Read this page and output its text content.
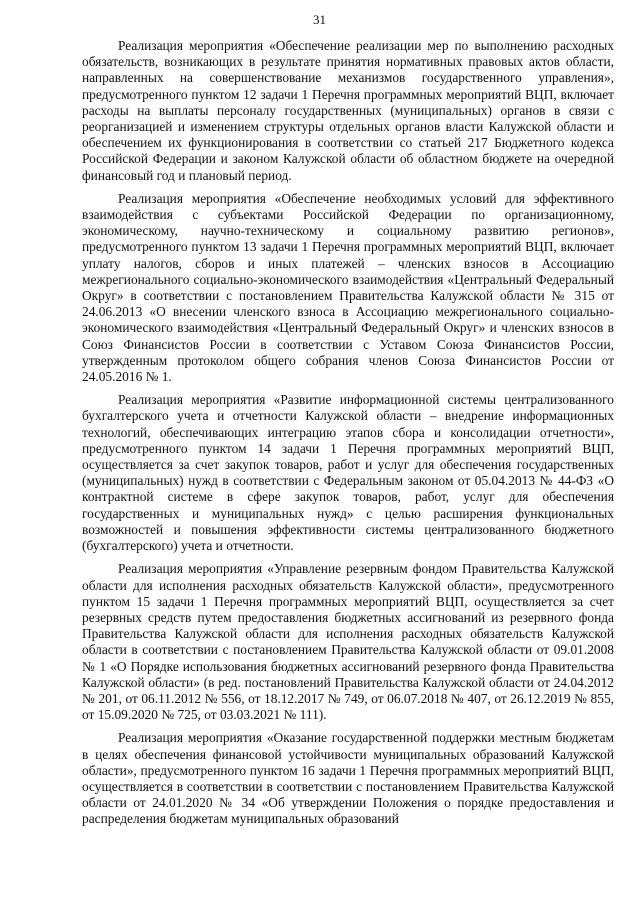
31

Реализация мероприятия «Обеспечение реализации мер по выполнению расходных обязательств, возникающих в результате принятия нормативных правовых актов области, направленных на совершенствование механизмов государственного управления», предусмотренного пунктом 12 задачи 1 Перечня программных мероприятий ВЦП, включает расходы на выплаты персоналу государственных (муниципальных) органов в связи с реорганизацией и изменением структуры отдельных органов власти Калужской области и обеспечением их функционирования в соответствии со статьей 217 Бюджетного кодекса Российской Федерации и законом Калужской области об областном бюджете на очередной финансовый год и плановый период.

Реализация мероприятия «Обеспечение необходимых условий для эффективного взаимодействия с субъектами Российской Федерации по организационному, экономическому, научно-техническому и социальному развитию регионов», предусмотренного пунктом 13 задачи 1 Перечня программных мероприятий ВЦП, включает уплату налогов, сборов и иных платежей – членских взносов в Ассоциацию межрегионального социально-экономического взаимодействия «Центральный Федеральный Округ» в соответствии с постановлением Правительства Калужской области № 315 от 24.06.2013 «О внесении членского взноса в Ассоциацию межрегионального социально-экономического взаимодействия «Центральный Федеральный Округ» и членских взносов в Союз Финансистов России в соответствии с Уставом Союза Финансистов России, утвержденным протоколом общего собрания членов Союза Финансистов России от 24.05.2016 № 1.

Реализация мероприятия «Развитие информационной системы централизованного бухгалтерского учета и отчетности Калужской области – внедрение информационных технологий, обеспечивающих интеграцию этапов сбора и консолидации отчетности», предусмотренного пунктом 14 задачи 1 Перечня программных мероприятий ВЦП, осуществляется за счет закупок товаров, работ и услуг для обеспечения государственных (муниципальных) нужд в соответствии с Федеральным законом от 05.04.2013 № 44-ФЗ «О контрактной системе в сфере закупок товаров, работ, услуг для обеспечения государственных и муниципальных нужд» с целью расширения функциональных возможностей и повышения эффективности системы централизованного бюджетного (бухгалтерского) учета и отчетности.

Реализация мероприятия «Управление резервным фондом Правительства Калужской области для исполнения расходных обязательств Калужской области», предусмотренного пунктом 15 задачи 1 Перечня программных мероприятий ВЦП, осуществляется за счет резервных средств путем предоставления бюджетных ассигнований из резервного фонда Правительства Калужской области для исполнения расходных обязательств Калужской области в соответствии с постановлением Правительства Калужской области от 09.01.2008 № 1 «О Порядке использования бюджетных ассигнований резервного фонда Правительства Калужской области» (в ред. постановлений Правительства Калужской области от 24.04.2012 № 201, от 06.11.2012 № 556, от 18.12.2017 № 749, от 06.07.2018 № 407, от 26.12.2019 № 855, от 15.09.2020 № 725, от 03.03.2021 № 111).

Реализация мероприятия «Оказание государственной поддержки местным бюджетам в целях обеспечения финансовой устойчивости муниципальных образований Калужской области», предусмотренного пунктом 16 задачи 1 Перечня программных мероприятий ВЦП, осуществляется в соответствии в соответствии с постановлением Правительства Калужской области от 24.01.2020 № 34 «Об утверждении Положения о порядке предоставления и распределения бюджетам муниципальных образований
